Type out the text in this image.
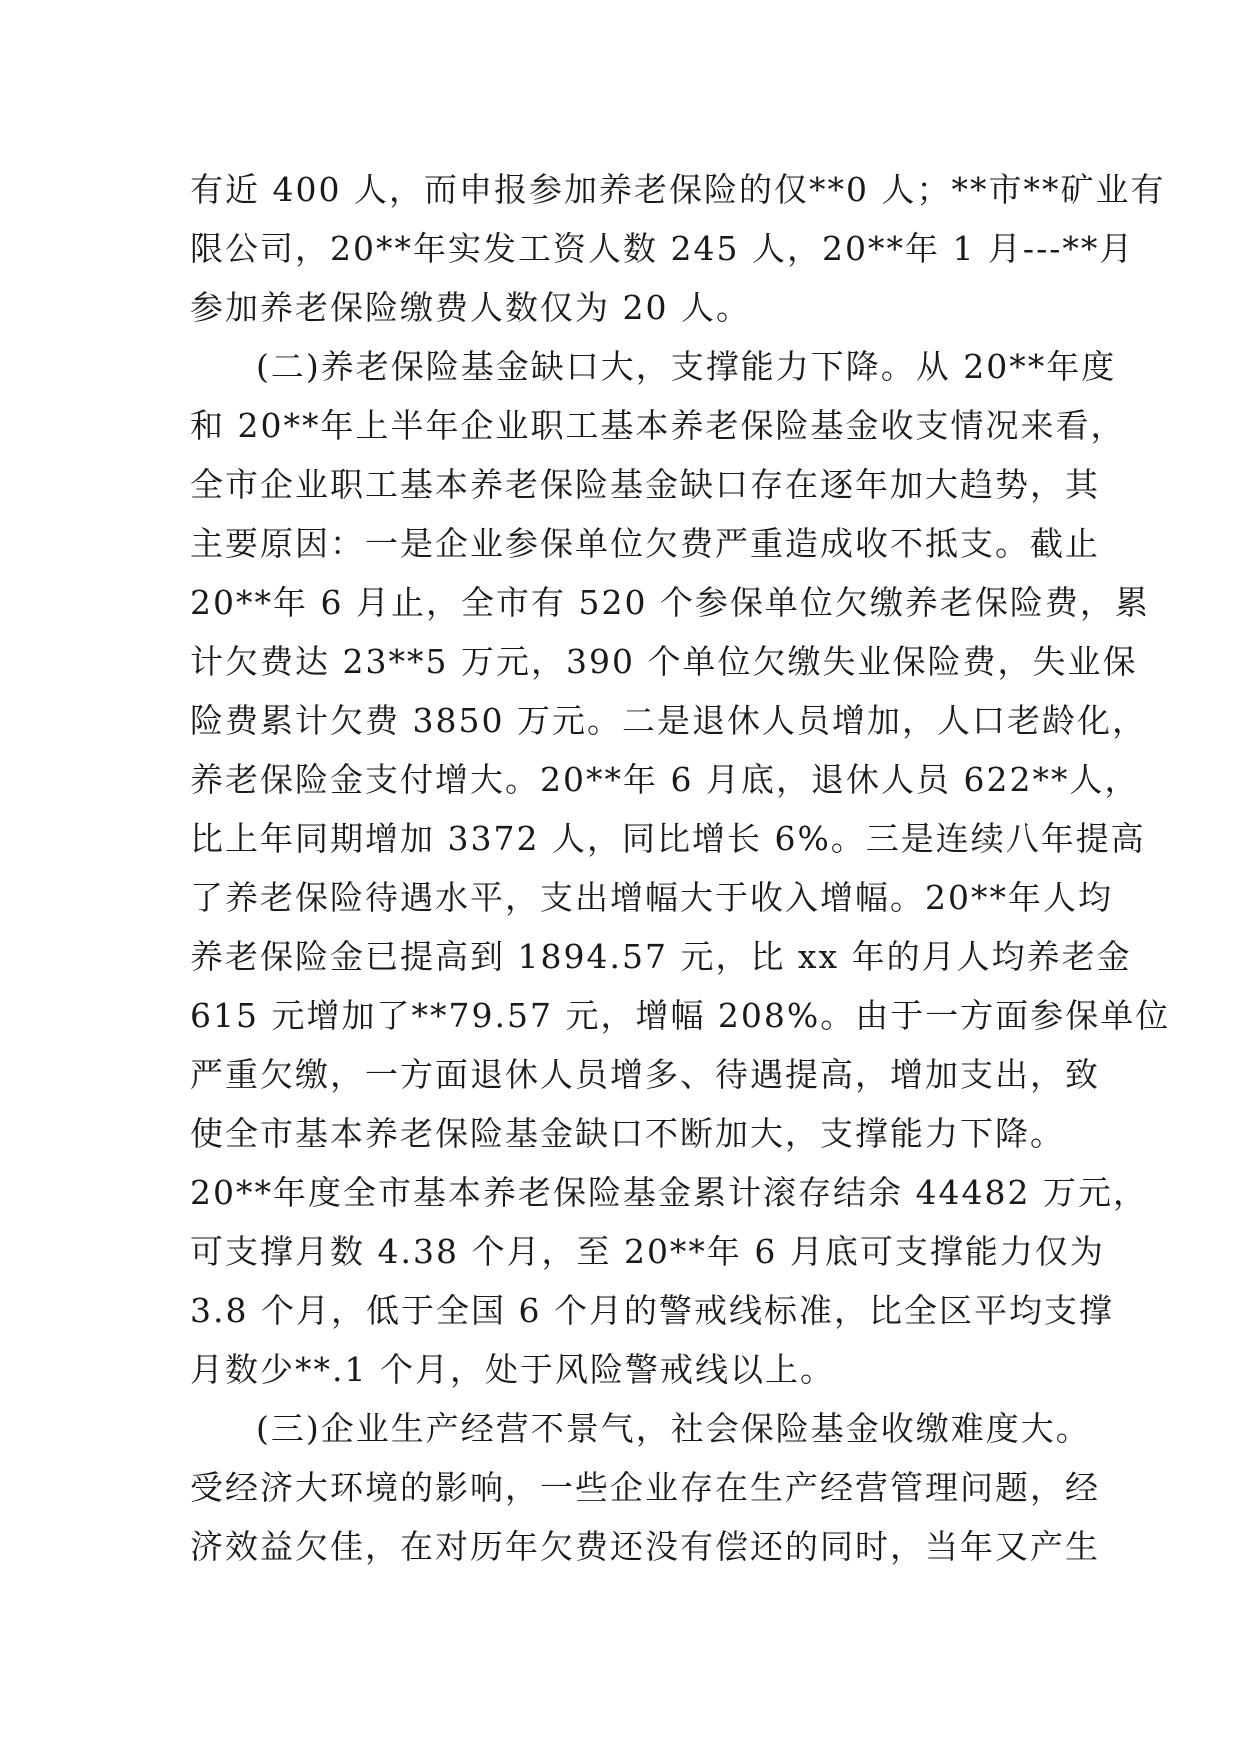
有近 400 人，而申报参加养老保险的仅**0 人；**市**矿业有
限公司，20**年实发工资人数 245 人，20**年 1 月---**月
参加养老保险缴费人数仅为 20 人。
(二)养老保险基金缺口大，支撑能力下降。从 20**年度
和 20**年上半年企业职工基本养老保险基金收支情况来看，
全市企业职工基本养老保险基金缺口存在逐年加大趋势，其
主要原因：一是企业参保单位欠费严重造成收不抵支。截止
20**年 6 月止，全市有 520 个参保单位欠缴养老保险费，累
计欠费达 23**5 万元，390 个单位欠缴失业保险费，失业保
险费累计欠费 3850 万元。二是退休人员增加，人口老龄化，
养老保险金支付增大。20**年 6 月底，退休人员 622**人，
比上年同期增加 3372 人，同比增长 6%。三是连续八年提高
了养老保险待遇水平，支出增幅大于收入增幅。20**年人均
养老保险金已提高到 1894.57 元，比 xx 年的月人均养老金
615 元增加了**79.57 元，增幅 208%。由于一方面参保单位
严重欠缴，一方面退休人员增多、待遇提高，增加支出，致
使全市基本养老保险基金缺口不断加大，支撑能力下降。
20**年度全市基本养老保险基金累计滚存结余 44482 万元，
可支撑月数 4.38 个月，至 20**年 6 月底可支撑能力仅为
3.8 个月，低于全国 6 个月的警戒线标准，比全区平均支撑
月数少**.1 个月，处于风险警戒线以上。
(三)企业生产经营不景气，社会保险基金收缴难度大。
受经济大环境的影响，一些企业存在生产经营管理问题，经
济效益欠佳，在对历年欠费还没有偿还的同时，当年又产生
